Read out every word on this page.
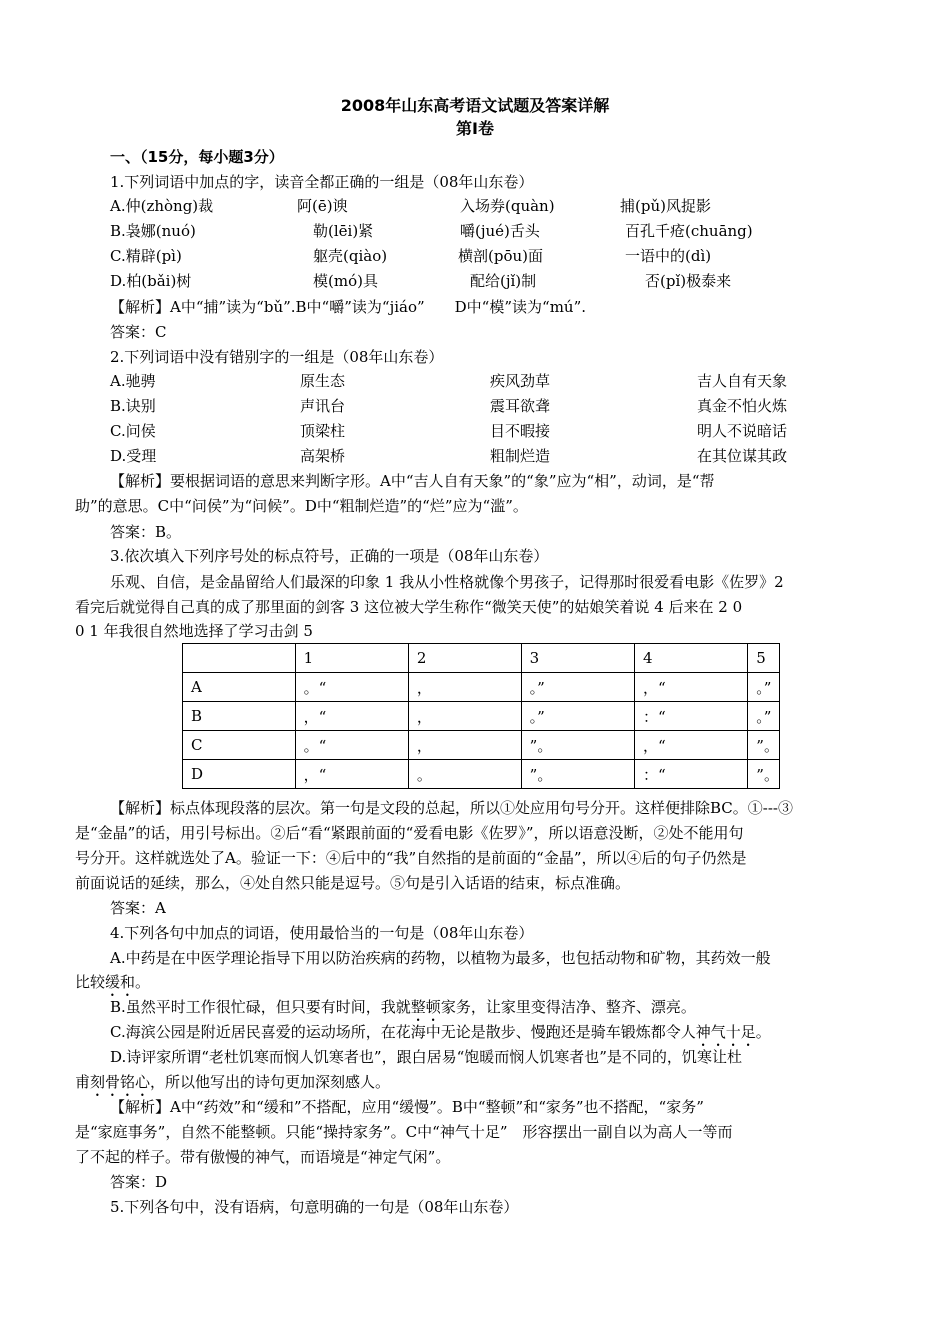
2008年山东高考语文试题及答案详解
第Ⅰ卷
一、（15分，每小题3分）
1.下列词语中加点的字，读音全都正确的一组是（08年山东卷）
A.仲(zhòng)裁	阿(ē)谀	入场券(quàn)	捕(pǔ)风捉影
B.袅娜(nuó)	勒(lēi)紧	嚼(jué)舌头	百孔千疮(chuāng)
C.精辟(pì)	躯壳(qiào)	横剖(pōu)面	一语中的(dì)
D.柏(bǎi)树	模(mó)具	配给(jǐ)制	否(pǐ)极泰来
【解析】A中“捕”读为“bǔ”.B中“嚼”读为“jiáo”　　D中“模”读为“mú”.
答案：C
2.下列词语中没有错别字的一组是（08年山东卷）
A.驰骋	原生态	疾风劲草	吉人自有天象
B.诀别	声讯台	震耳欲聋	真金不怕火炼
C.问侯	顶梁柱	目不暇接	明人不说暗话
D.受理	高架桥	粗制烂造	在其位谋其政
【解析】要根据词语的意思来判断字形。A中“吉人自有天象”的“象”应为“相”，动词，是“帮
助”的意思。C中“问侯”为“问候”。D中“粗制烂造”的“烂”应为“滥”。
答案：B。
3.依次填入下列序号处的标点符号，正确的一项是（08年山东卷）
乐观、自信，是金晶留给人们最深的印象 1 我从小性格就像个男孩子，记得那时很爱看电影《佐罗》2
看完后就觉得自己真的成了那里面的剑客 3 这位被大学生称作“微笑天使”的姑娘笑着说 4 后来在 2 0
0 1 年我很自然地选择了学习击剑 5
	1	2	3	4	5
A	。“	，	。”	，“	。”
B	，“	，	。”	：“	。”
C	。“	，	”。	，“	”。
D	，“	。	”。	：“	”。
【解析】标点体现段落的层次。第一句是文段的总起，所以①处应用句号分开。这样便排除BC。①---③
是“金晶”的话，用引号标出。②后“看“紧跟前面的“爱看电影《佐罗》”，所以语意没断，②处不能用句
号分开。这样就选处了A。验证一下：④后中的“我”自然指的是前面的“金晶”，所以④后的句子仍然是
前面说话的延续，那么，④处自然只能是逗号。⑤句是引入话语的结束，标点准确。
答案：A
4.下列各句中加点的词语，使用最恰当的一句是（08年山东卷）
A.中药是在中医学理论指导下用以防治疾病的药物，以植物为最多，也包括动物和矿物，其药效一般
比较缓和。
B.虽然平时工作很忙碌，但只要有时间，我就整顿家务，让家里变得洁净、整齐、漂亮。
C.海滨公园是附近居民喜爱的运动场所，在花海中无论是散步、慢跑还是骑车锻炼都令人神气十足。
D.诗评家所谓“老杜饥寒而悯人饥寒者也”，跟白居易“饱暖而悯人饥寒者也”是不同的，饥寒让杜
甫刻骨铭心，所以他写出的诗句更加深刻感人。
【解析】A中“药效”和“缓和”不搭配，应用“缓慢”。B中“整顿”和“家务”也不搭配，“家务”
是“家庭事务”，自然不能整顿。只能“操持家务”。C中“神气十足”　形容摆出一副自以为高人一等而
了不起的样子。带有傲慢的神气，而语境是“神定气闲”。
答案：D
5.下列各句中，没有语病，句意明确的一句是（08年山东卷）
